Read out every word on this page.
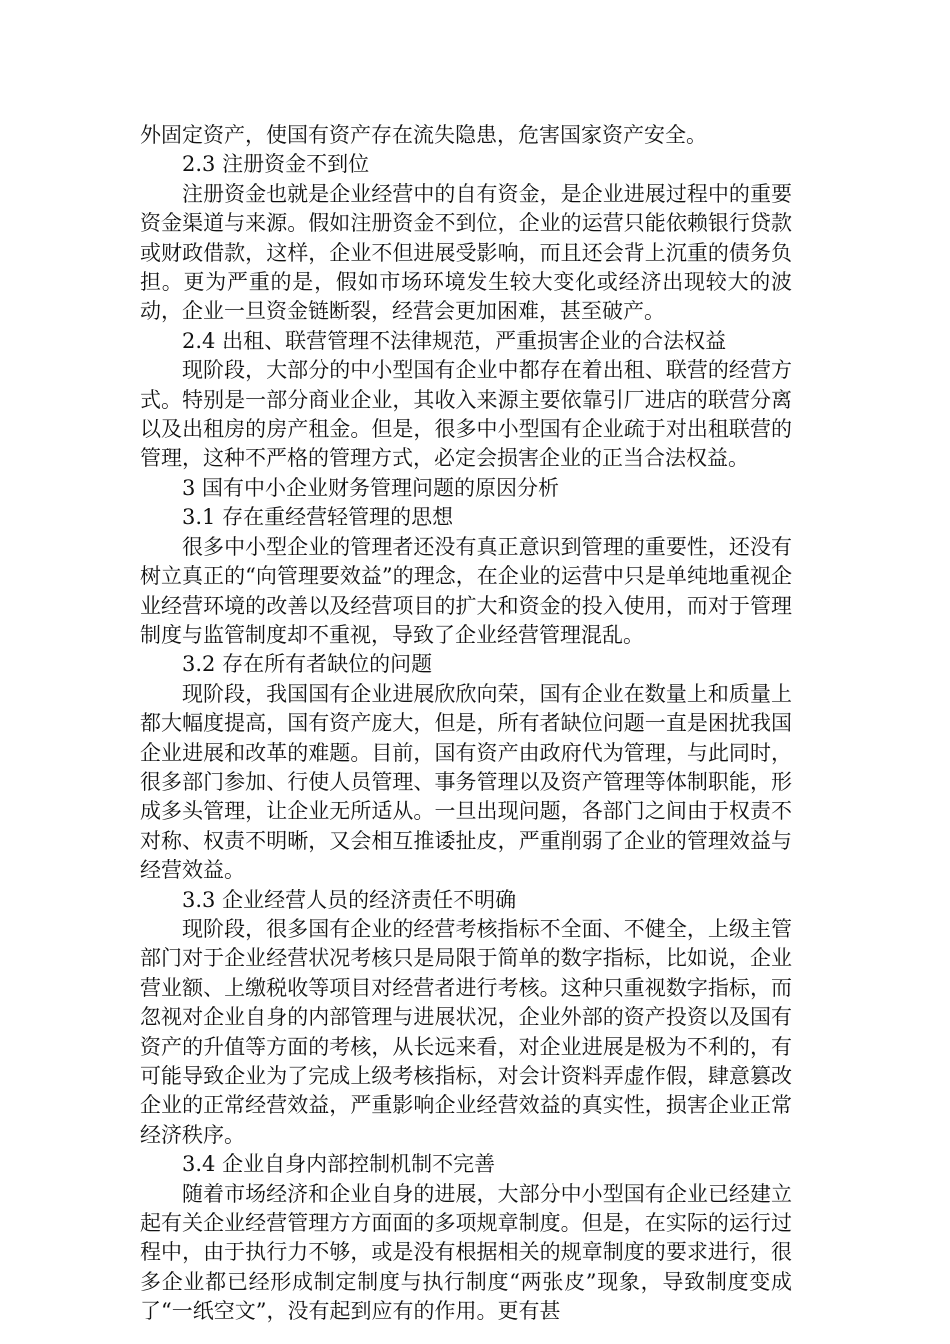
外固定资产，使国有资产存在流失隐患，危害国家资产安全。

2.3 注册资金不到位

注册资金也就是企业经营中的自有资金，是企业进展过程中的重要资金渠道与来源。假如注册资金不到位，企业的运营只能依赖银行贷款或财政借款，这样，企业不但进展受影响，而且还会背上沉重的债务负担。更为严重的是，假如市场环境发生较大变化或经济出现较大的波动，企业一旦资金链断裂，经营会更加困难，甚至破产。

2.4 出租、联营管理不法律规范，严重损害企业的合法权益

现阶段，大部分的中小型国有企业中都存在着出租、联营的经营方式。特别是一部分商业企业，其收入来源主要依靠引厂进店的联营分离以及出租房的房产租金。但是，很多中小型国有企业疏于对出租联营的管理，这种不严格的管理方式，必定会损害企业的正当合法权益。

3 国有中小企业财务管理问题的原因分析

3.1 存在重经营轻管理的思想

很多中小型企业的管理者还没有真正意识到管理的重要性，还没有树立真正的“向管理要效益”的理念，在企业的运营中只是单纯地重视企业经营环境的改善以及经营项目的扩大和资金的投入使用，而对于管理制度与监管制度却不重视，导致了企业经营管理混乱。

3.2 存在所有者缺位的问题

现阶段，我国国有企业进展欣欣向荣，国有企业在数量上和质量上都大幅度提高，国有资产庞大，但是，所有者缺位问题一直是困扰我国企业进展和改革的难题。目前，国有资产由政府代为管理，与此同时，很多部门参加、行使人员管理、事务管理以及资产管理等体制职能，形成多头管理，让企业无所适从。一旦出现问题，各部门之间由于权责不对称、权责不明晰，又会相互推诿扯皮，严重削弱了企业的管理效益与经营效益。

3.3 企业经营人员的经济责任不明确

现阶段，很多国有企业的经营考核指标不全面、不健全，上级主管部门对于企业经营状况考核只是局限于简单的数字指标，比如说，企业营业额、上缴税收等项目对经营者进行考核。这种只重视数字指标，而忽视对企业自身的内部管理与进展状况，企业外部的资产投资以及国有资产的升值等方面的考核，从长远来看，对企业进展是极为不利的，有可能导致企业为了完成上级考核指标，对会计资料弄虚作假，肆意篡改企业的正常经营效益，严重影响企业经营效益的真实性，损害企业正常经济秩序。

3.4 企业自身内部控制机制不完善

随着市场经济和企业自身的进展，大部分中小型国有企业已经建立起有关企业经营管理方方面面的多项规章制度。但是，在实际的运行过程中，由于执行力不够，或是没有根据相关的规章制度的要求进行，很多企业都已经形成制定制度与执行制度“两张皮”现象，导致制度变成了“一纸空文”，没有起到应有的作用。更有甚
